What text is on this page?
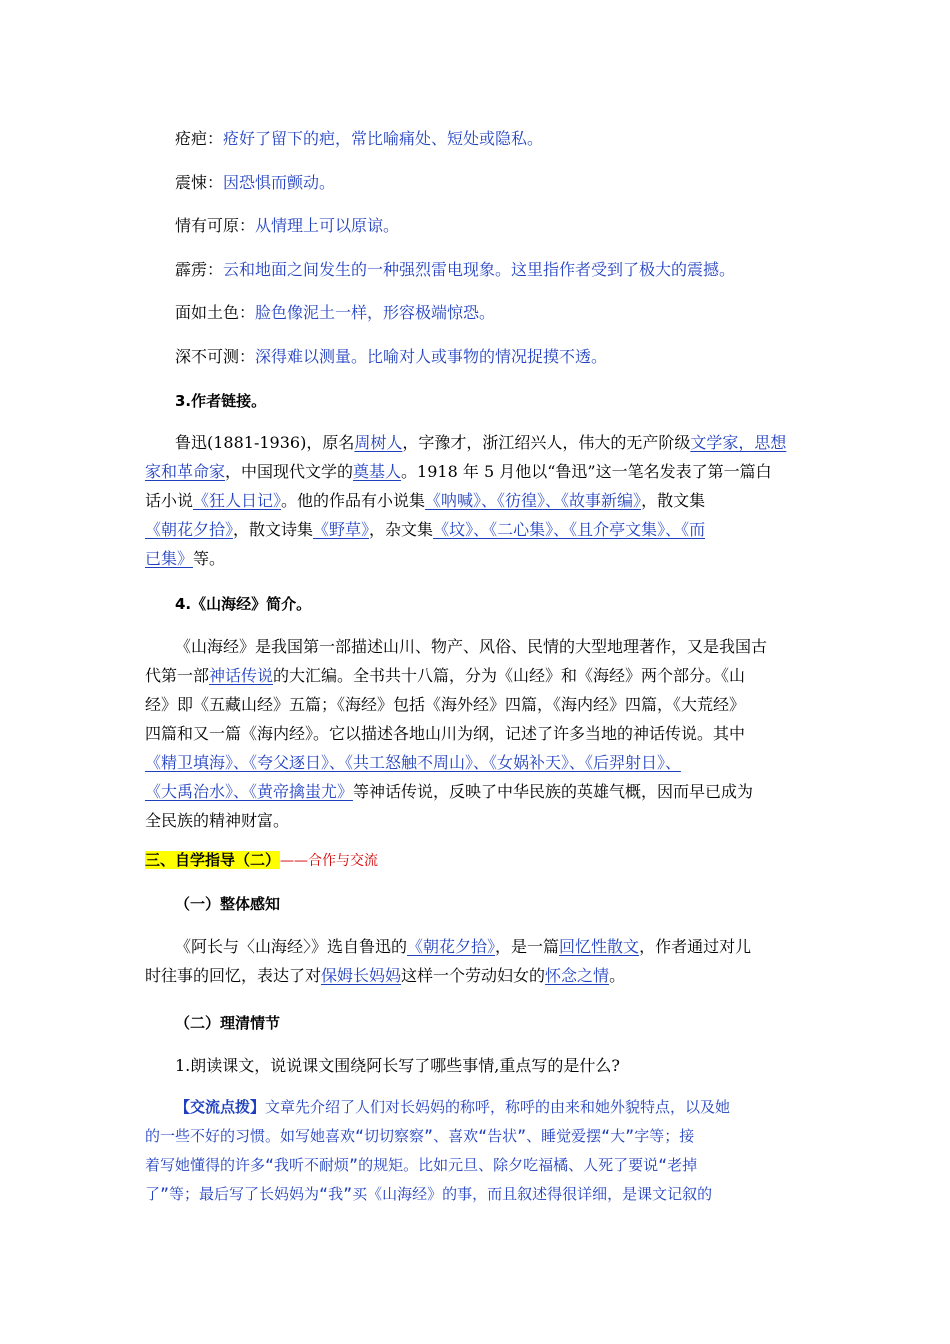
疮疤：疮好了留下的疤，常比喻痛处、短处或隐私。
震悚：因恐惧而颤动。
情有可原：从情理上可以原谅。
霹雳：云和地面之间发生的一种强烈雷电现象。这里指作者受到了极大的震撼。
面如土色：脸色像泥土一样，形容极端惊恐。
深不可测：深得难以测量。比喻对人或事物的情况捉摸不透。
3.作者链接。
鲁迅(1881-1936)，原名周树人，字豫才，浙江绍兴人，伟大的无产阶级文学家，思想
家和革命家，中国现代文学的奠基人。1918 年 5 月他以“鲁迅”这一笔名发表了第一篇白
话小说《狂人日记》。他的作品有小说集《呐喊》、《彷徨》、《故事新编》，散文集
《朝花夕拾》，散文诗集《野草》，杂文集《坟》、《二心集》、《且介亭文集》、《而
已集》等。
4.《山海经》简介。
《山海经》是我国第一部描述山川、物产、风俗、民情的大型地理著作，又是我国古
代第一部神话传说的大汇编。全书共十八篇，分为《山经》和《海经》两个部分。《山
经》即《五藏山经》五篇；《海经》包括《海外经》四篇，《海内经》四篇，《大荒经》
四篇和又一篇《海内经》。它以描述各地山川为纲，记述了许多当地的神话传说。其中
《精卫填海》、《夸父逐日》、《共工怒触不周山》、《女娲补天》、《后羿射日》、
《大禹治水》、《黄帝擒蚩尤》等神话传说，反映了中华民族的英雄气概，因而早已成为
全民族的精神财富。
三、自学指导（二）——合作与交流
（一）整体感知
《阿长与〈山海经〉》选自鲁迅的《朝花夕拾》，是一篇回忆性散文，作者通过对儿
时往事的回忆，表达了对保姆长妈妈这样一个劳动妇女的怀念之情。
（二）理清情节
1.朗读课文，说说课文围绕阿长写了哪些事情,重点写的是什么?
【交流点拨】文章先介绍了人们对长妈妈的称呼，称呼的由来和她外貌特点，以及她
的一些不好的习惯。如写她喜欢“切切察察”、喜欢“告状”、睡觉爱摆“大”字等；接
着写她懂得的许多“我听不耐烦”的规矩。比如元旦、除夕吃福橘、人死了要说“老掉
了”等；最后写了长妈妈为“我”买《山海经》的事，而且叙述得很详细，是课文记叙的
